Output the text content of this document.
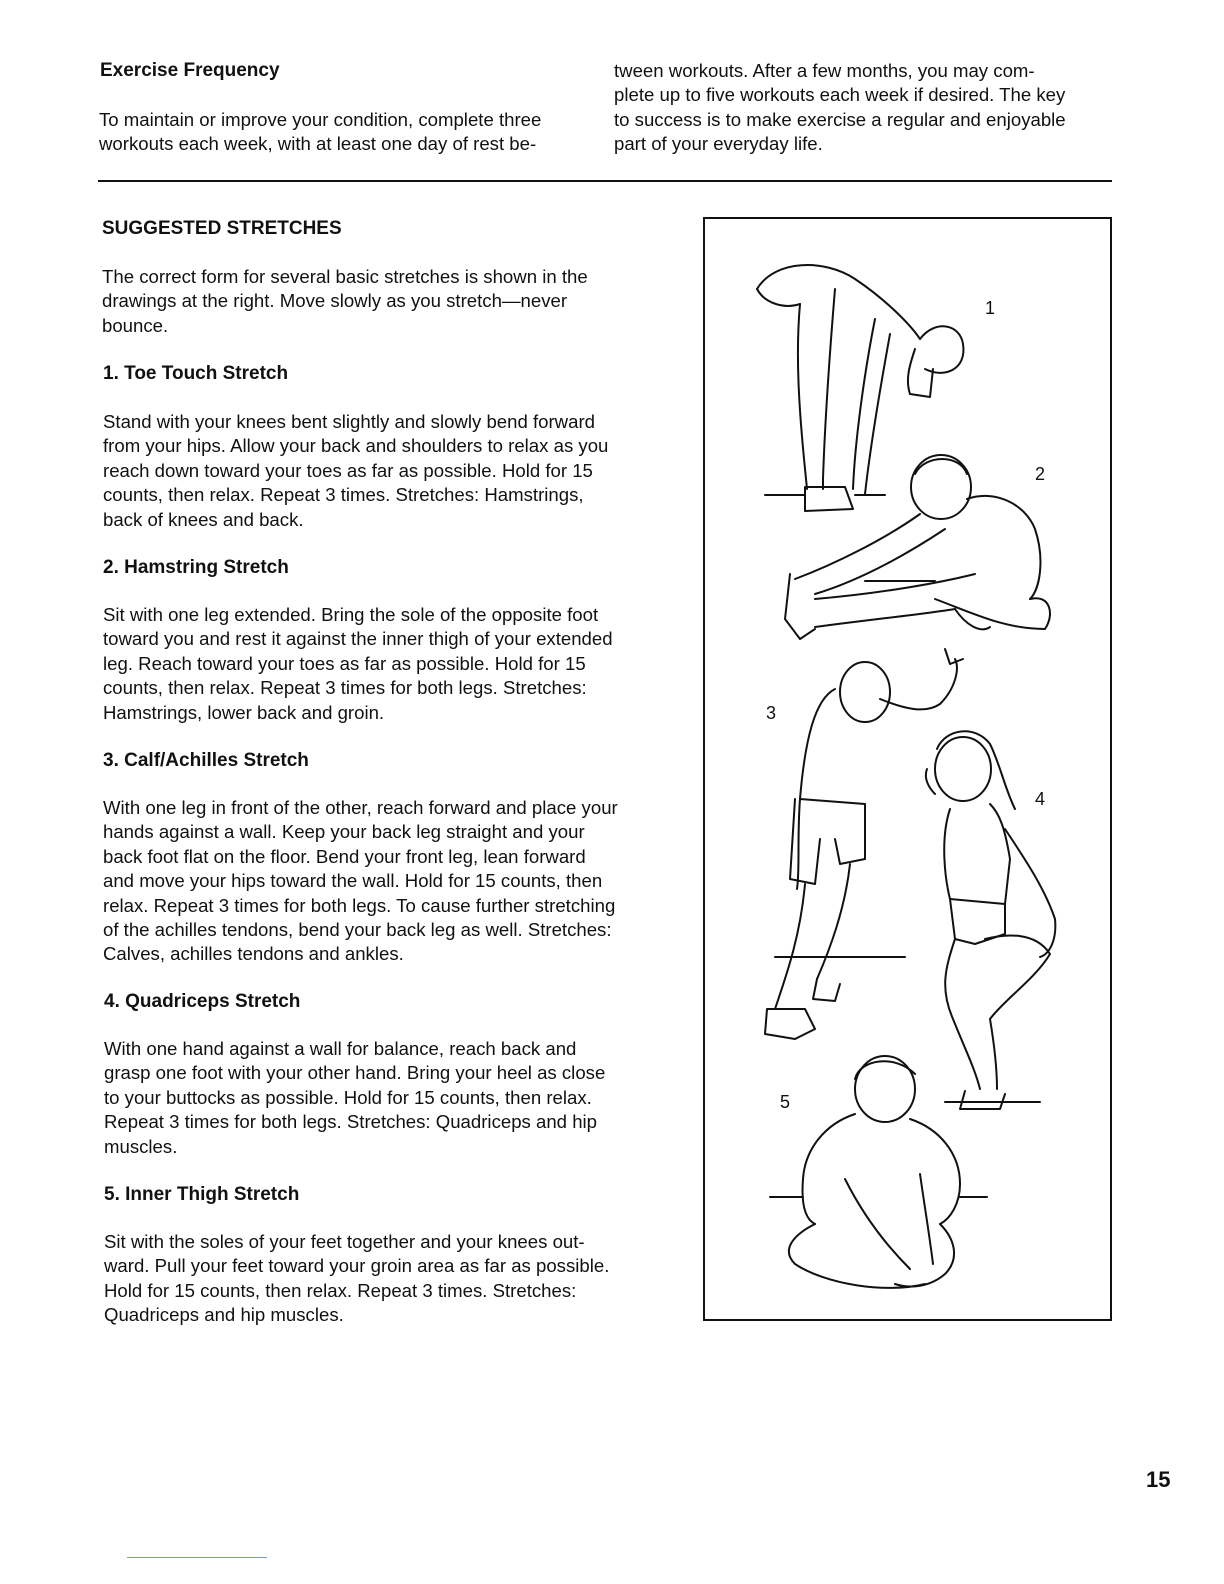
Exercise Frequency
To maintain or improve your condition, complete three
workouts each week, with at least one day of rest be-
tween workouts. After a few months, you may com-
plete up to five workouts each week if desired. The key
to success is to make exercise a regular and enjoyable
part of your everyday life.
SUGGESTED STRETCHES
The correct form for several basic stretches is shown in the
drawings at the right. Move slowly as you stretch—never
bounce.
1. Toe Touch Stretch
Stand with your knees bent slightly and slowly bend forward
from your hips. Allow your back and shoulders to relax as you
reach down toward your toes as far as possible. Hold for 15
counts, then relax. Repeat 3 times. Stretches: Hamstrings,
back of knees and back.
2. Hamstring Stretch
Sit with one leg extended. Bring the sole of the opposite foot
toward you and rest it against the inner thigh of your extended
leg. Reach toward your toes as far as possible. Hold for 15
counts, then relax. Repeat 3 times for both legs. Stretches:
Hamstrings, lower back and groin.
3. Calf/Achilles Stretch
With one leg in front of the other, reach forward and place your
hands against a wall. Keep your back leg straight and your
back foot flat on the floor. Bend your front leg, lean forward
and move your hips toward the wall. Hold for 15 counts, then
relax. Repeat 3 times for both legs. To cause further stretching
of the achilles tendons, bend your back leg as well. Stretches:
Calves, achilles tendons and ankles.
4. Quadriceps Stretch
With one hand against a wall for balance, reach back and
grasp one foot with your other hand. Bring your heel as close
to your buttocks as possible. Hold for 15 counts, then relax.
Repeat 3 times for both legs. Stretches: Quadriceps and hip
muscles.
5. Inner Thigh Stretch
Sit with the soles of your feet together and your knees out-
ward. Pull your feet toward your groin area as far as possible.
Hold for 15 counts, then relax. Repeat 3 times. Stretches:
Quadriceps and hip muscles.
1
2
3
4
5
15
